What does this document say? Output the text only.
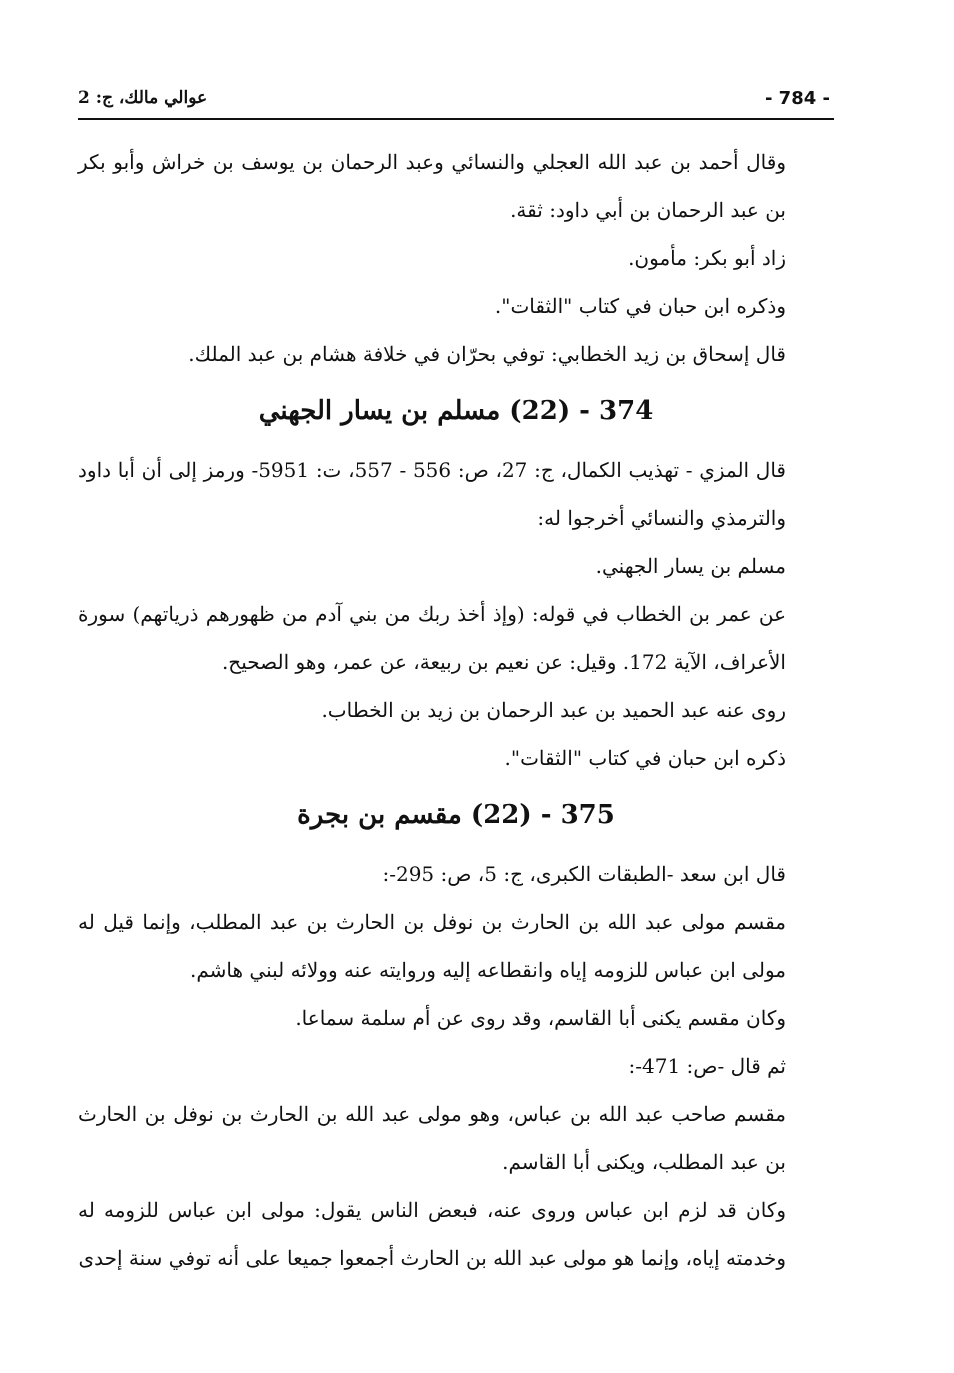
- 784 -
عوالي مالك، ج: 2

وقال أحمد بن عبد الله العجلي والنسائي وعبد الرحمان بن يوسف بن خراش وأبو بكر بن عبد الرحمان بن أبي داود: ثقة.

زاد أبو بكر: مأمون.

وذكره ابن حبان في كتاب "الثقات".

قال إسحاق بن زيد الخطابي: توفي بحرّان في خلافة هشام بن عبد الملك.

374 - (22) مسلم بن يسار الجهني

قال المزي - تهذيب الكمال، ج: 27، ص: 556 - 557، ت: 5951- ورمز إلى أن أبا داود والترمذي والنسائي أخرجوا له:

مسلم بن يسار الجهني.

عن عمر بن الخطاب في قوله: (وإذ أخذ ربك من بني آدم من ظهورهم ذرياتهم) سورة الأعراف، الآية 172. وقيل: عن نعيم بن ربيعة، عن عمر، وهو الصحيح.

روى عنه عبد الحميد بن عبد الرحمان بن زيد بن الخطاب.

ذكره ابن حبان في كتاب "الثقات".

375 - (22) مقسم بن بجرة

قال ابن سعد -الطبقات الكبرى، ج: 5، ص: 295-:

مقسم مولى عبد الله بن الحارث بن نوفل بن الحارث بن عبد المطلب، وإنما قيل له مولى ابن عباس للزومه إياه وانقطاعه إليه وروايته عنه وولائه لبني هاشم.

وكان مقسم يكنى أبا القاسم، وقد روى عن أم سلمة سماعا.

ثم قال -ص: 471-:

مقسم صاحب عبد الله بن عباس، وهو مولى عبد الله بن الحارث بن نوفل بن الحارث بن عبد المطلب، ويكنى أبا القاسم.

وكان قد لزم ابن عباس وروى عنه، فبعض الناس يقول: مولى ابن عباس للزومه له وخدمته إياه، وإنما هو مولى عبد الله بن الحارث أجمعوا جميعا على أنه توفي سنة إحدى
